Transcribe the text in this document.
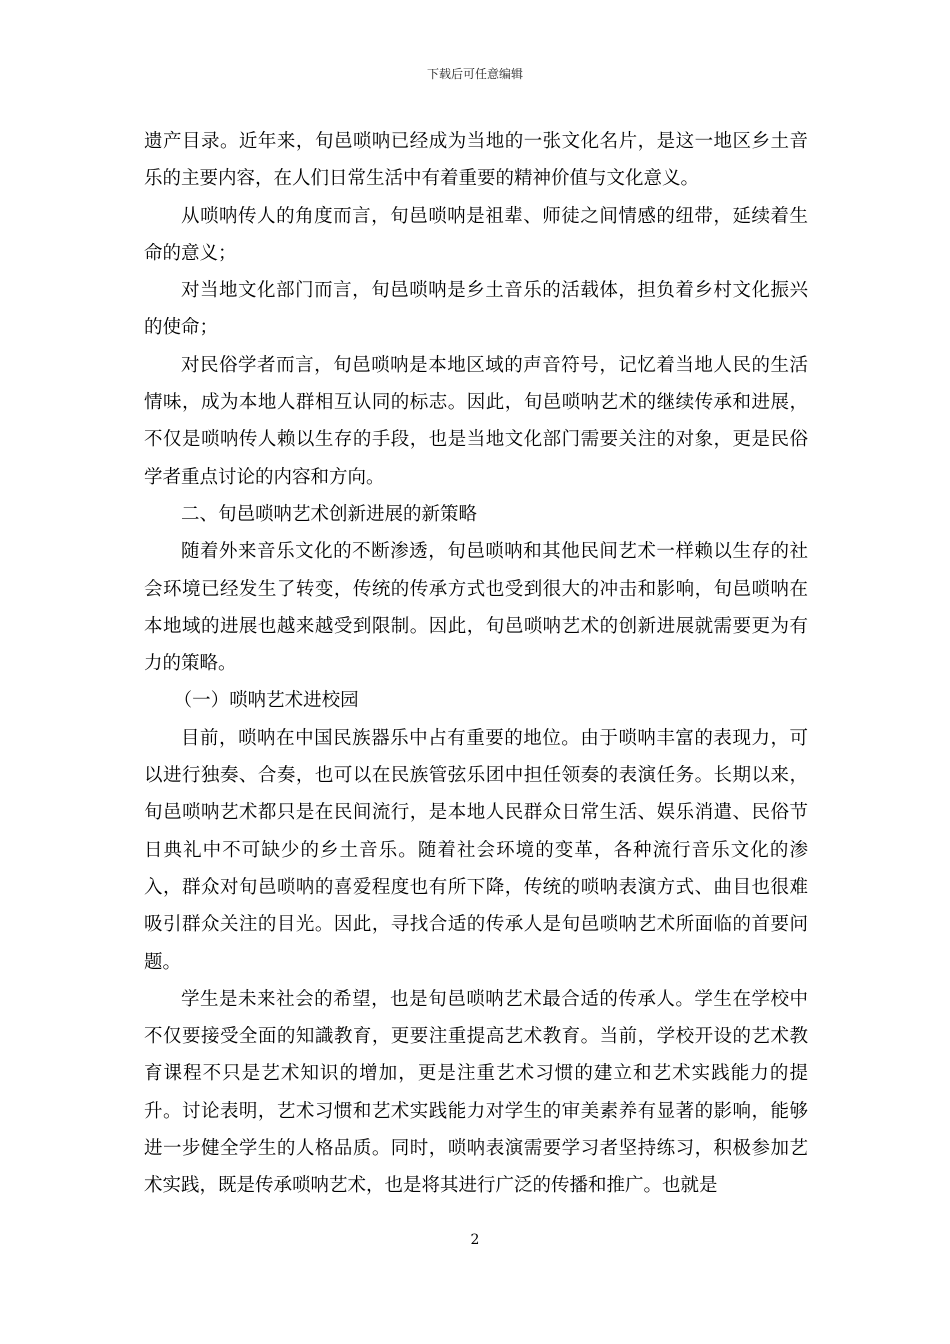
下载后可任意编辑

遗产目录。近年来，旬邑唢呐已经成为当地的一张文化名片，是这一地区乡土音乐的主要内容，在人们日常生活中有着重要的精神价值与文化意义。

从唢呐传人的角度而言，旬邑唢呐是祖辈、师徒之间情感的纽带，延续着生命的意义；

对当地文化部门而言，旬邑唢呐是乡土音乐的活载体，担负着乡村文化振兴的使命；

对民俗学者而言，旬邑唢呐是本地区域的声音符号，记忆着当地人民的生活情味，成为本地人群相互认同的标志。因此，旬邑唢呐艺术的继续传承和进展，不仅是唢呐传人赖以生存的手段，也是当地文化部门需要关注的对象，更是民俗学者重点讨论的内容和方向。

二、旬邑唢呐艺术创新进展的新策略

随着外来音乐文化的不断渗透，旬邑唢呐和其他民间艺术一样赖以生存的社会环境已经发生了转变，传统的传承方式也受到很大的冲击和影响，旬邑唢呐在本地域的进展也越来越受到限制。因此，旬邑唢呐艺术的创新进展就需要更为有力的策略。

（一）唢呐艺术进校园

目前，唢呐在中国民族器乐中占有重要的地位。由于唢呐丰富的表现力，可以进行独奏、合奏，也可以在民族管弦乐团中担任领奏的表演任务。长期以来，旬邑唢呐艺术都只是在民间流行，是本地人民群众日常生活、娱乐消遣、民俗节日典礼中不可缺少的乡土音乐。随着社会环境的变革，各种流行音乐文化的渗入，群众对旬邑唢呐的喜爱程度也有所下降，传统的唢呐表演方式、曲目也很难吸引群众关注的目光。因此，寻找合适的传承人是旬邑唢呐艺术所面临的首要问题。

学生是未来社会的希望，也是旬邑唢呐艺术最合适的传承人。学生在学校中不仅要接受全面的知識教育，更要注重提高艺术教育。当前，学校开设的艺术教育课程不只是艺术知识的增加，更是注重艺术习惯的建立和艺术实践能力的提升。讨论表明，艺术习惯和艺术实践能力对学生的审美素养有显著的影响，能够进一步健全学生的人格品质。同时，唢呐表演需要学习者坚持练习，积极参加艺术实践，既是传承唢呐艺术，也是将其进行广泛的传播和推广。也就是

2
